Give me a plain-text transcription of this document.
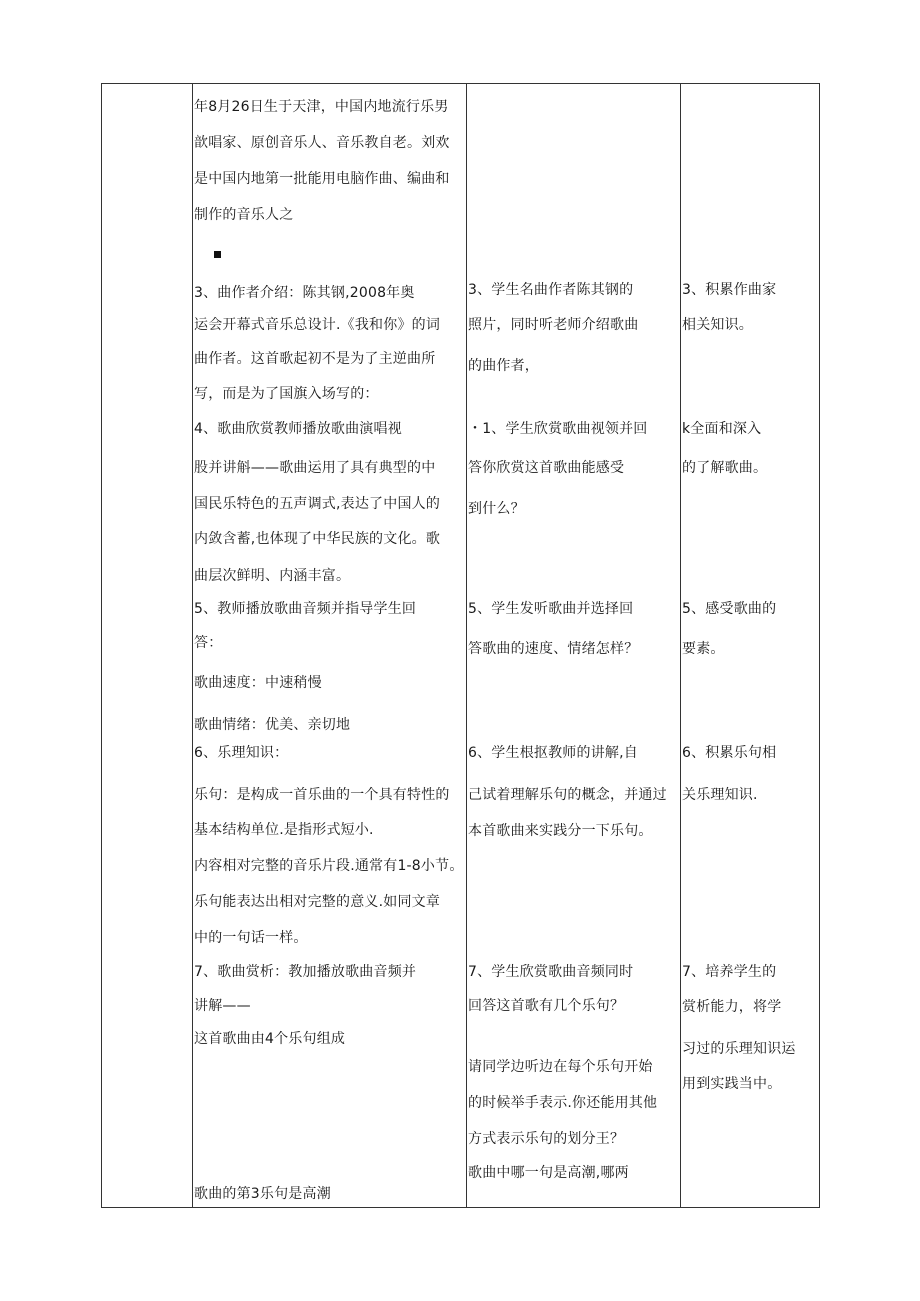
年8月26日生于天津，中国内地流行乐男
歆唱家、原创音乐人、音乐教自老。刘欢
是中国内地第一批能用电脑作曲、编曲和
制作的音乐人之
3、曲作者介绍：陈其钢,2008年奥
运会开幕式音乐总设计.《我和你》的词
曲作者。这首歌起初不是为了主逆曲所
写，而是为了国旗入场写的：
4、歌曲欣赏教师播放歌曲演唱视
股并讲斛——歌曲运用了具有典型的中
国民乐特色的五声调式,表达了中国人的
内敛含蓄,也体现了中华民族的文化。歌
曲层次鲜明、内涵丰富。
5、教师播放歌曲音频并指导学生回
答：
歌曲速度：中速稍慢
歌曲情绪：优美、亲切地
6、乐理知识：
乐句：是构成一首乐曲的一个具有特性的
基本结构单位.是指形式短小.
内容相对完整的音乐片段.通常有1-8小节。
乐句能表达出相对完整的意义.如同文章
中的一句话一样。
7、歌曲赏析：教加播放歌曲音频并
讲解——
这首歌曲由4个乐句组成
歌曲的第3乐句是高潮
3、学生名曲作者陈其钢的
照片，同时听老师介绍歌曲
的曲作者，
・1、学生欣赏歌曲视领并回
答你欣赏这首歌曲能感受
到什么？
5、学生发听歌曲并选择回
答歌曲的速度、情绪怎样？
6、学生根抠教师的讲解,自
己试着理解乐句的概念，并通过
本首歌曲来实践分一下乐句。
7、学生欣赏歌曲音频同时
回答这首歌有几个乐句？
请同学边听边在每个乐句开始
的时候举手表示.你还能用其他
方式表示乐句的划分王？
歌曲中哪一句是高潮,哪两
3、积累作曲家
相关知识。
k全面和深入
的了解歌曲。
5、感受歌曲的
要素。
6、积累乐句相
关乐理知识.
7、培养学生的
赏析能力，将学
习过的乐理知识运
用到实践当中。
